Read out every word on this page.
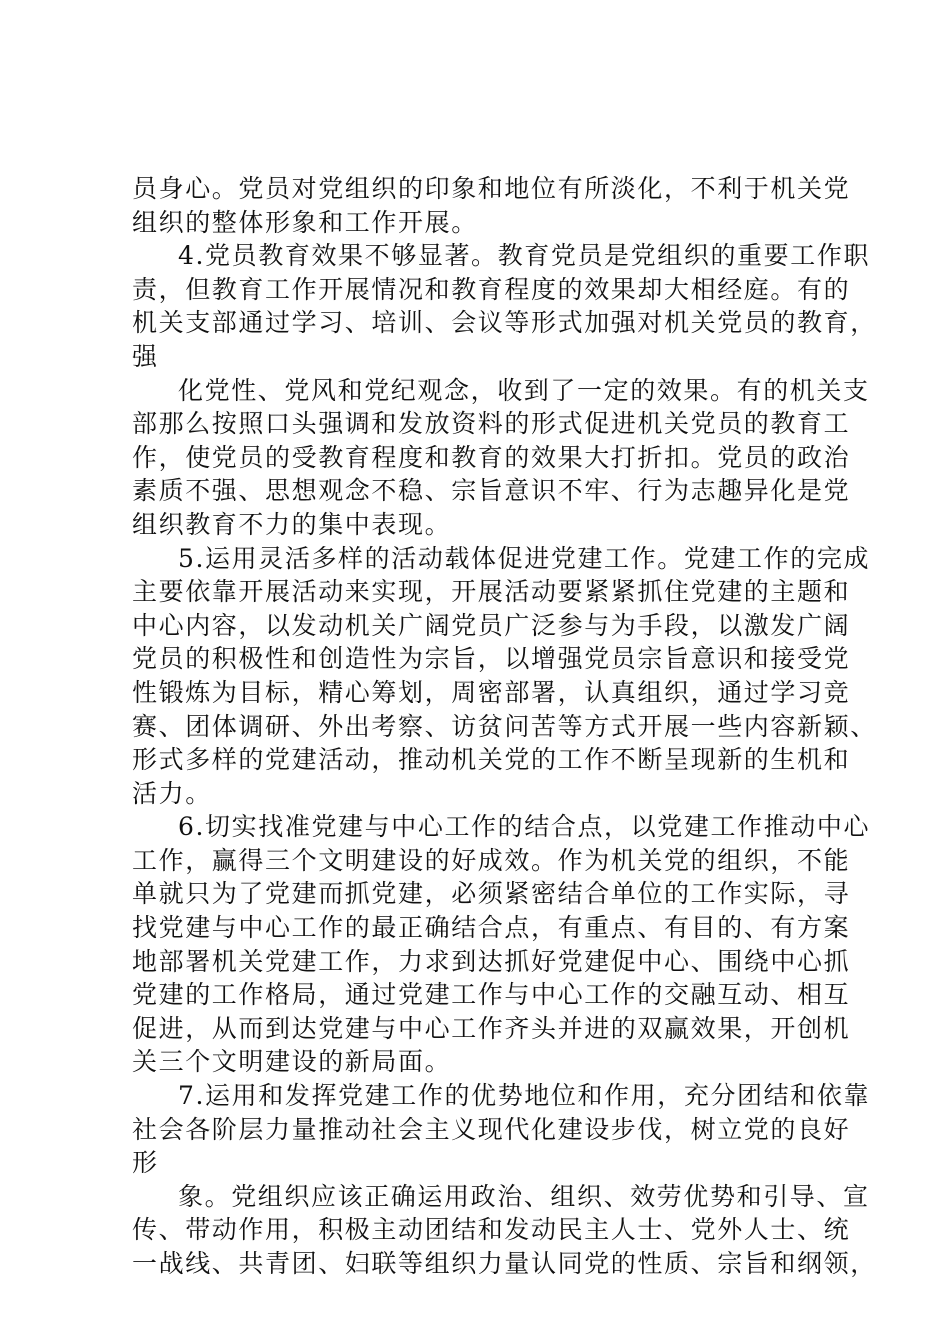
员身心。党员对党组织的印象和地位有所淡化，不利于机关党
组织的整体形象和工作开展。
4.党员教育效果不够显著。教育党员是党组织的重要工作职
责，但教育工作开展情况和教育程度的效果却大相经庭。有的
机关支部通过学习、培训、会议等形式加强对机关党员的教育，
强
化党性、党风和党纪观念，收到了一定的效果。有的机关支
部那么按照口头强调和发放资料的形式促进机关党员的教育工
作，使党员的受教育程度和教育的效果大打折扣。党员的政治
素质不强、思想观念不稳、宗旨意识不牢、行为志趣异化是党
组织教育不力的集中表现。
5.运用灵活多样的活动载体促进党建工作。党建工作的完成
主要依靠开展活动来实现，开展活动要紧紧抓住党建的主题和
中心内容，以发动机关广阔党员广泛参与为手段，以激发广阔
党员的积极性和创造性为宗旨，以增强党员宗旨意识和接受党
性锻炼为目标，精心筹划，周密部署，认真组织，通过学习竞
赛、团体调研、外出考察、访贫问苦等方式开展一些内容新颖、
形式多样的党建活动，推动机关党的工作不断呈现新的生机和
活力。
6.切实找准党建与中心工作的结合点，以党建工作推动中心
工作，赢得三个文明建设的好成效。作为机关党的组织，不能
单就只为了党建而抓党建，必须紧密结合单位的工作实际，寻
找党建与中心工作的最正确结合点，有重点、有目的、有方案
地部署机关党建工作，力求到达抓好党建促中心、围绕中心抓
党建的工作格局，通过党建工作与中心工作的交融互动、相互
促进，从而到达党建与中心工作齐头并进的双赢效果，开创机
关三个文明建设的新局面。
7.运用和发挥党建工作的优势地位和作用，充分团结和依靠
社会各阶层力量推动社会主义现代化建设步伐，树立党的良好
形
象。党组织应该正确运用政治、组织、效劳优势和引导、宣
传、带动作用，积极主动团结和发动民主人士、党外人士、统
一战线、共青团、妇联等组织力量认同党的性质、宗旨和纲领，
